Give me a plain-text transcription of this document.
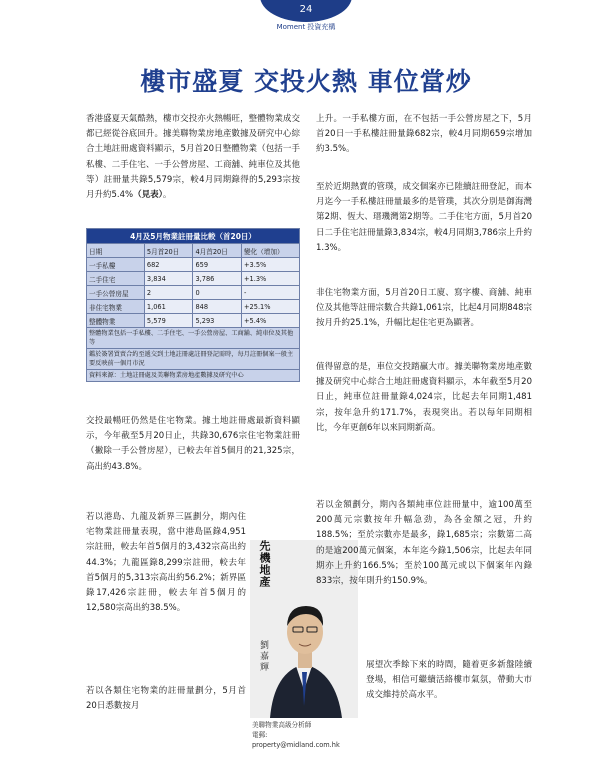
24
Moment 投資充構
樓市盛夏 交投火熱 車位當炒

香港盛夏天氣酷熱，樓市交投亦火熱暢旺，整體物業成交都已經從谷底回升。據美聯物業房地產數據及研究中心綜合土地註冊處資料顯示，5月首20日整體物業（包括一手私樓、二手住宅、一手公營房屋、工商舖、純車位及其他等）註冊量共錄5,579宗，較4月同期錄得的5,293宗按月升約5.4%（見表）。

4月及5月物業註冊量比較（首20日）			
日期	5月首20日	4月首20日	變化（增加）
一手私樓	682	659	+3.5%
二手住宅	3,834	3,786	+1.3%
一手公營房屋	2	0	-
非住宅物業	1,061	848	+25.1%
整體物業	5,579	5,293	+5.4%
整體物業包括一手私樓、二手住宅、一手公營房屋、工商舖、純車位及其他等			
鑑於簽署買賣合約至遞交到土地註冊處註冊登記需時，每月註冊個案一般主要反映前一個月市況			
資料來源：土地註冊處及美聯物業房地產數據及研究中心			

交投最暢旺仍然是住宅物業。據土地註冊處最新資料顯示，今年截至5月20日止，共錄30,676宗住宅物業註冊（撇除一手公營房屋），已較去年首5個月的21,325宗，高出約43.8%。

若以港島、九龍及新界三區劃分，期內住宅物業註冊量表現，當中港島區錄4,951宗註冊，較去年首5個月的3,432宗高出約44.3%；九龍區錄8,299宗註冊，較去年首5個月的5,313宗高出約56.2%；新界區錄17,426宗註冊，較去年首5個月的12,580宗高出約38.5%。

若以各類住宅物業的註冊量劃分，5月首20日悉數按月

先機地產
劉嘉輝
美聯物業高級分析師
電郵:
property@midland.com.hk

上升。一手私樓方面，在不包括一手公營房屋之下，5月首20日一手私樓註冊量錄682宗，較4月同期659宗增加約3.5%。

至於近期熱賣的管璞，成交個案亦已陸續註冊登記，而本月迄今一手私樓註冊量最多的是管璞，其次分別是御海灣第2期、恆大、瑨璣灣第2期等。二手住宅方面，5月首20日二手住宅註冊量錄3,834宗，較4月同期3,786宗上升約1.3%。

非住宅物業方面，5月首20日工廈、寫字樓、商舖、純車位及其他等註冊宗數合共錄1,061宗，比起4月同期848宗按月升約25.1%，升幅比起住宅更為顯著。

值得留意的是，車位交投踏贏大市。據美聯物業房地產數據及研究中心綜合土地註冊處資料顯示，本年截至5月20日止，純車位註冊量錄4,024宗，比起去年同期1,481宗，按年急升約171.7%，表現突出。若以每年同期相比，今年更創6年以來同期新高。

若以金額劃分，期內各類純車位註冊量中，逾100萬至200萬元宗數按年升幅急劲，為各金額之冠，升約188.5%；至於宗數亦是最多，錄1,685宗；宗數第二高的是逾200萬元個案，本年迄今錄1,506宗，比起去年同期亦上升約166.5%；至於100萬元或以下個案年內錄833宗，按年則升約150.9%。

展望次季餘下來的時間，隨着更多新盤陸續登場，相信可繼續活絡樓市氣氛，帶動大市成交維持於高水平。
